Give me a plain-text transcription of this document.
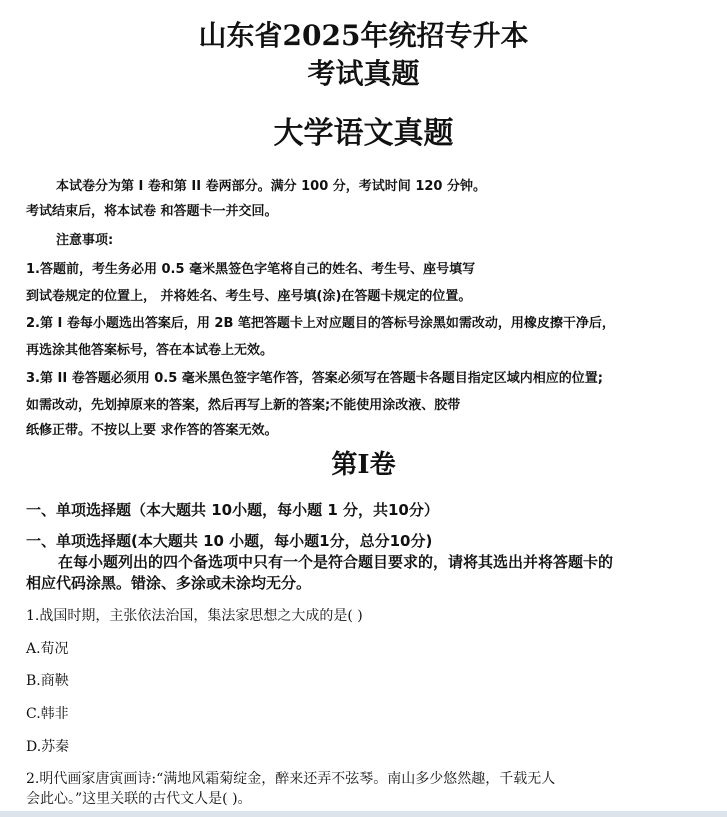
山东省2025年统招专升本
考试真题
大学语文真题
本试卷分为第 I 卷和第 II 卷两部分。满分 100 分，考试时间 120 分钟。
考试结束后，将本试卷 和答题卡一并交回。
注意事项:
1.答题前，考生务必用 0.5 毫米黑签色字笔将自己的姓名、考生号、座号填写
到试卷规定的位置上， 并将姓名、考生号、座号填(涂)在答题卡规定的位置。
2.第 I 卷每小题选出答案后，用 2B 笔把答题卡上对应题目的答标号涂黑如需改动，用橡皮擦干净后，
再选涂其他答案标号，答在本试卷上无效。
3.第 II 卷答题必须用 0.5 毫米黑色签字笔作答，答案必须写在答题卡各题目指定区域内相应的位置;
如需改动，先划掉原来的答案，然后再写上新的答案;不能使用涂改液、胶带
纸修正带。不按以上要 求作答的答案无效。
第I卷
一、单项选择题（本大题共 10小题，每小题 1 分，共10分）
一、单项选择题(本大题共 10 小题，每小题1分，总分10分)
在每小题列出的四个备选项中只有一个是符合题目要求的，请将其选出并将答题卡的
相应代码涂黑。错涂、多涂或未涂均无分。
1.战国时期，主张依法治国，集法家思想之大成的是( )
A.荀况
B.商鞅
C.韩非
D.苏秦
2.明代画家唐寅画诗:“满地风霜菊绽金，醉来还弄不弦琴。南山多少悠然趣，千载无人
会此心。”这里关联的古代文人是( )。
